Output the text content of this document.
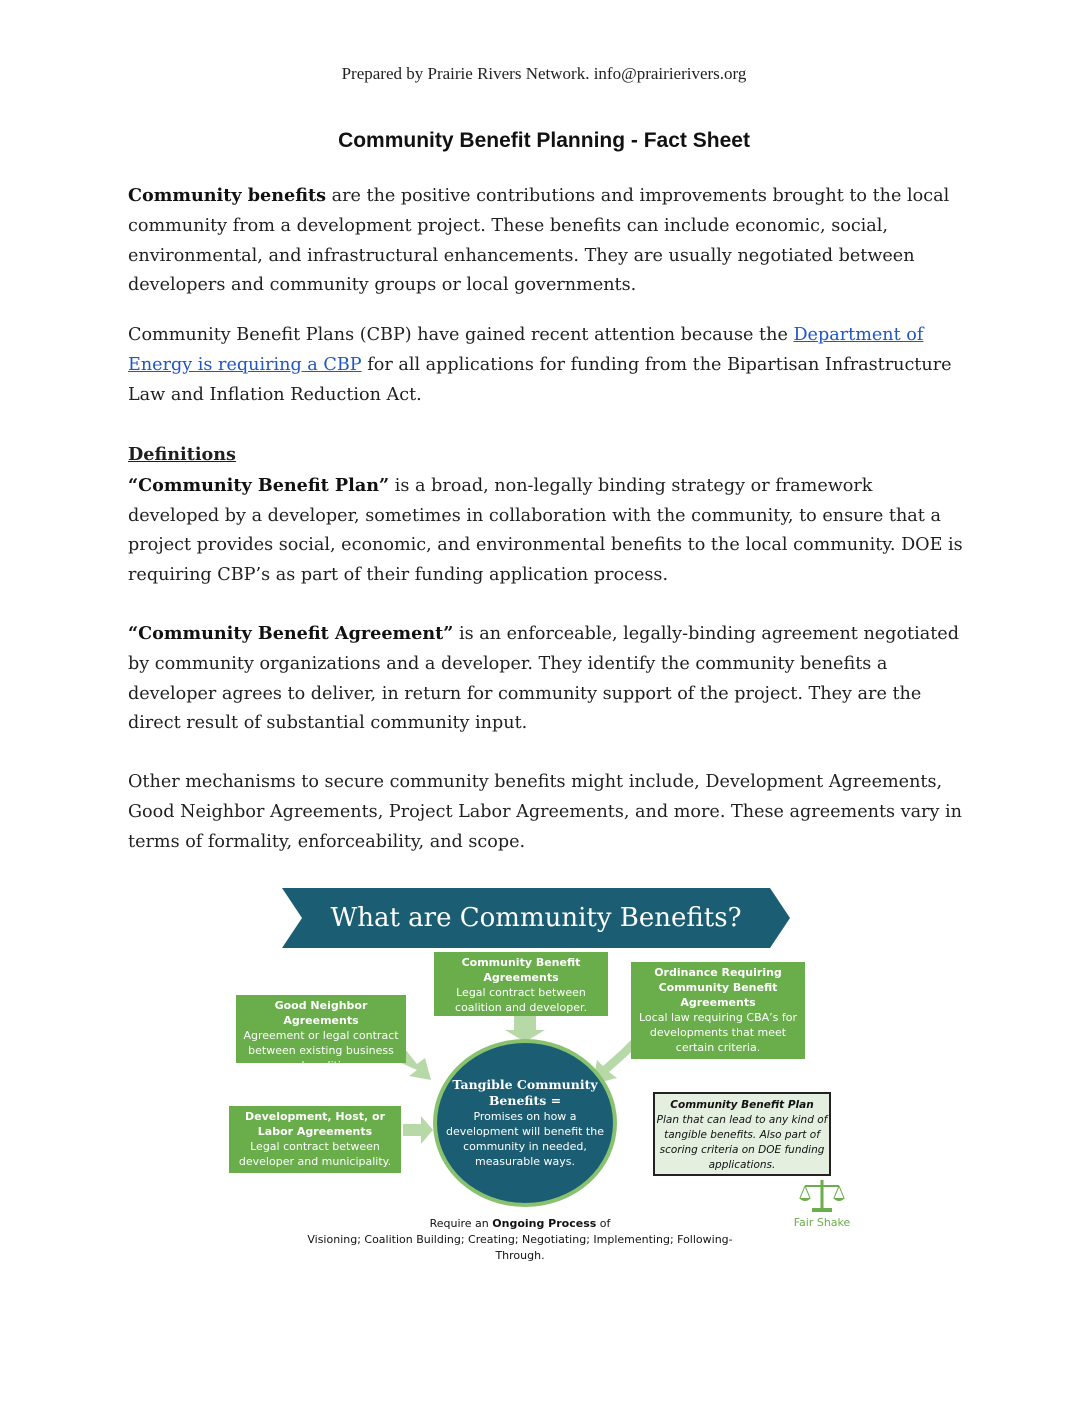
Prepared by Prairie Rivers Network. info@prairierivers.org
Community Benefit Planning - Fact Sheet

Community benefits are the positive contributions and improvements brought to the local community from a development project. These benefits can include economic, social, environmental, and infrastructural enhancements. They are usually negotiated between developers and community groups or local governments.

Community Benefit Plans (CBP) have gained recent attention because the Department of Energy is requiring a CBP for all applications for funding from the Bipartisan Infrastructure Law and Inflation Reduction Act.

Definitions
“Community Benefit Plan” is a broad, non-legally binding strategy or framework developed by a developer, sometimes in collaboration with the community, to ensure that a project provides social, economic, and environmental benefits to the local community. DOE is requiring CBP’s as part of their funding application process.

“Community Benefit Agreement” is an enforceable, legally-binding agreement negotiated by community organizations and a developer. They identify the community benefits a developer agrees to deliver, in return for community support of the project. They are the direct result of substantial community input.

Other mechanisms to secure community benefits might include, Development Agreements, Good Neighbor Agreements, Project Labor Agreements, and more. These agreements vary in terms of formality, enforceability, and scope.

What are Community Benefits?
Community Benefit Agreements
Legal contract between coalition and developer.
Good Neighbor Agreements
Agreement or legal contract between existing business and coalition.
Ordinance Requiring Community Benefit Agreements
Local law requiring CBA’s for developments that meet certain criteria.
Development, Host, or Labor Agreements
Legal contract between developer and municipality.
Tangible Community Benefits =
Promises on how a development will benefit the community in needed, measurable ways.
Community Benefit Plan
Plan that can lead to any kind of tangible benefits. Also part of scoring criteria on DOE funding applications.
Require an Ongoing Process of
Visioning; Coalition Building; Creating; Negotiating; Implementing; Following-Through.
Fair Shake
